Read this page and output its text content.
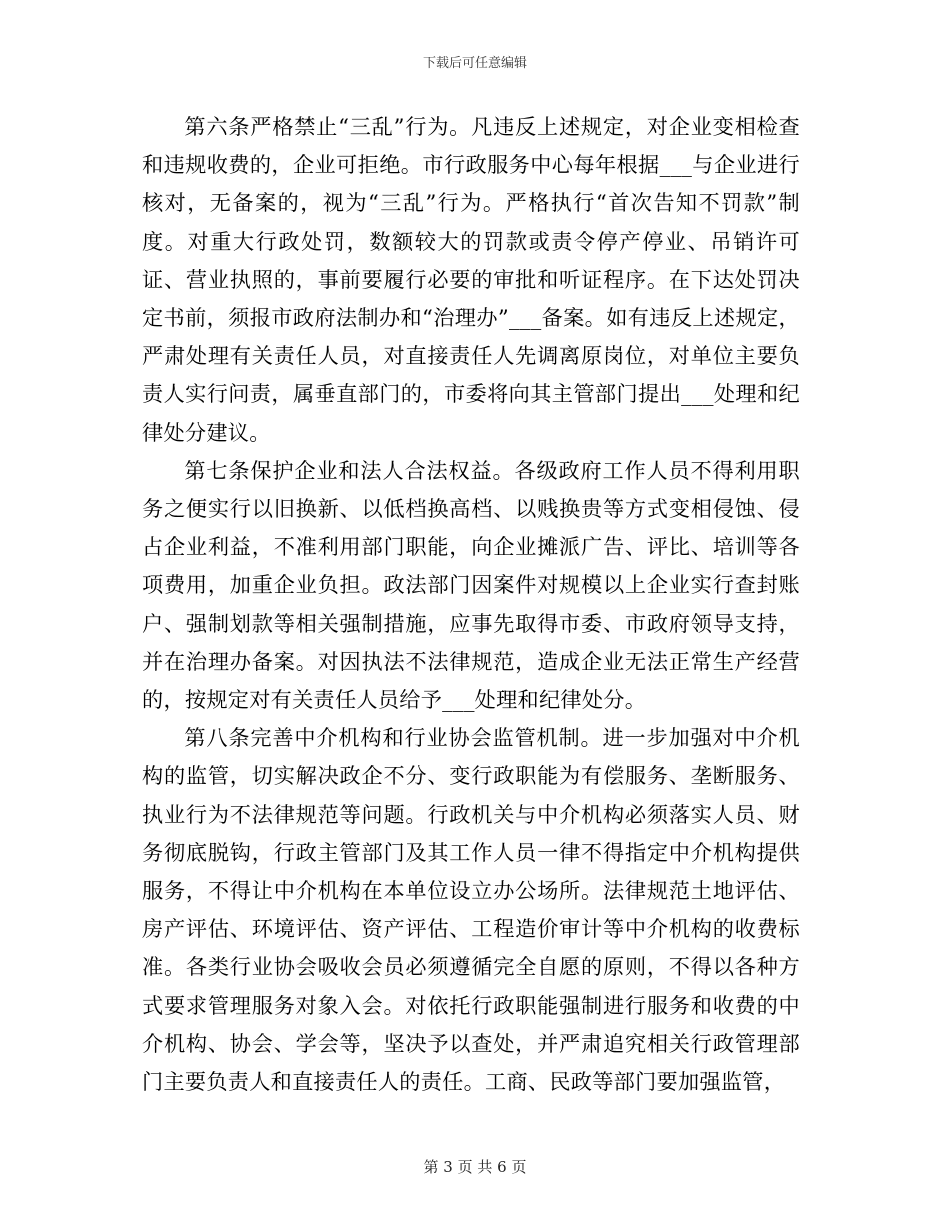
下载后可任意编辑

第六条严格禁止“三乱”行为。凡违反上述规定，对企业变相检查和违规收费的，企业可拒绝。市行政服务中心每年根据___与企业进行核对，无备案的，视为“三乱”行为。严格执行“首次告知不罚款”制度。对重大行政处罚，数额较大的罚款或责令停产停业、吊销许可证、营业执照的，事前要履行必要的审批和听证程序。在下达处罚决定书前，须报市政府法制办和“治理办”___备案。如有违反上述规定，严肃处理有关责任人员，对直接责任人先调离原岗位，对单位主要负责人实行问责，属垂直部门的，市委将向其主管部门提出___处理和纪律处分建议。

第七条保护企业和法人合法权益。各级政府工作人员不得利用职务之便实行以旧换新、以低档换高档、以贱换贵等方式变相侵蚀、侵占企业利益，不准利用部门职能，向企业摊派广告、评比、培训等各项费用，加重企业负担。政法部门因案件对规模以上企业实行查封账户、强制划款等相关强制措施，应事先取得市委、市政府领导支持，并在治理办备案。对因执法不法律规范，造成企业无法正常生产经营的，按规定对有关责任人员给予___处理和纪律处分。

第八条完善中介机构和行业协会监管机制。进一步加强对中介机构的监管，切实解决政企不分、变行政职能为有偿服务、垄断服务、执业行为不法律规范等问题。行政机关与中介机构必须落实人员、财务彻底脱钩，行政主管部门及其工作人员一律不得指定中介机构提供服务，不得让中介机构在本单位设立办公场所。法律规范土地评估、房产评估、环境评估、资产评估、工程造价审计等中介机构的收费标准。各类行业协会吸收会员必须遵循完全自愿的原则，不得以各种方式要求管理服务对象入会。对依托行政职能强制进行服务和收费的中介机构、协会、学会等，坚决予以查处，并严肃追究相关行政管理部门主要负责人和直接责任人的责任。工商、民政等部门要加强监管，

第 3 页 共 6 页
